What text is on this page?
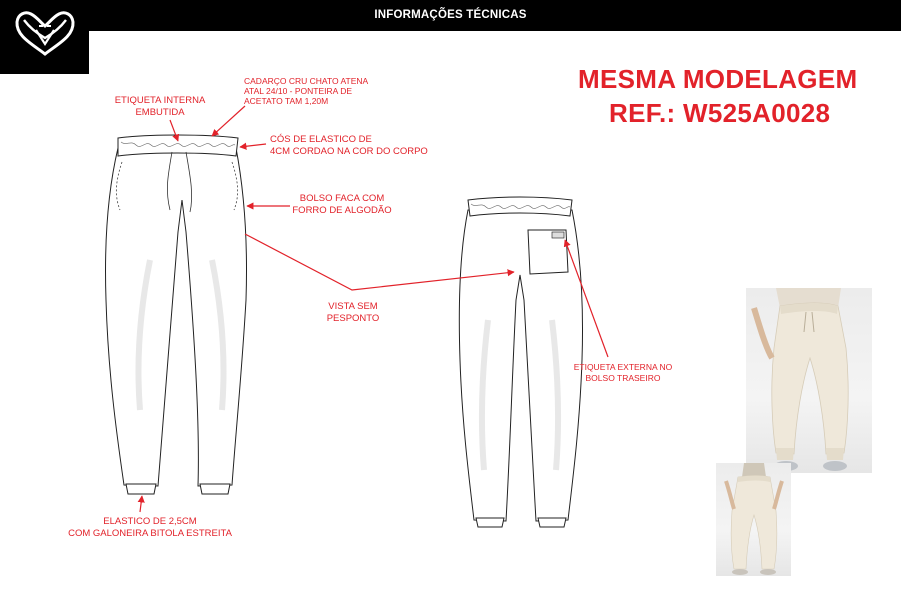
INFORMAÇÕES TÉCNICAS
MESMA MODELAGEM
REF.: W525A0028
ETIQUETA INTERNA
EMBUTIDA
CADARÇO CRU CHATO ATENA
ATAL 24/10 - PONTEIRA DE
ACETATO TAM 1,20M
CÓS DE ELASTICO DE
4CM CORDAO NA COR DO CORPO
BOLSO FACA COM
FORRO DE ALGODÃO
VISTA SEM
PESPONTO
ELASTICO DE 2,5CM
COM GALONEIRA BITOLA ESTREITA
ETIQUETA EXTERNA NO
BOLSO TRASEIRO
